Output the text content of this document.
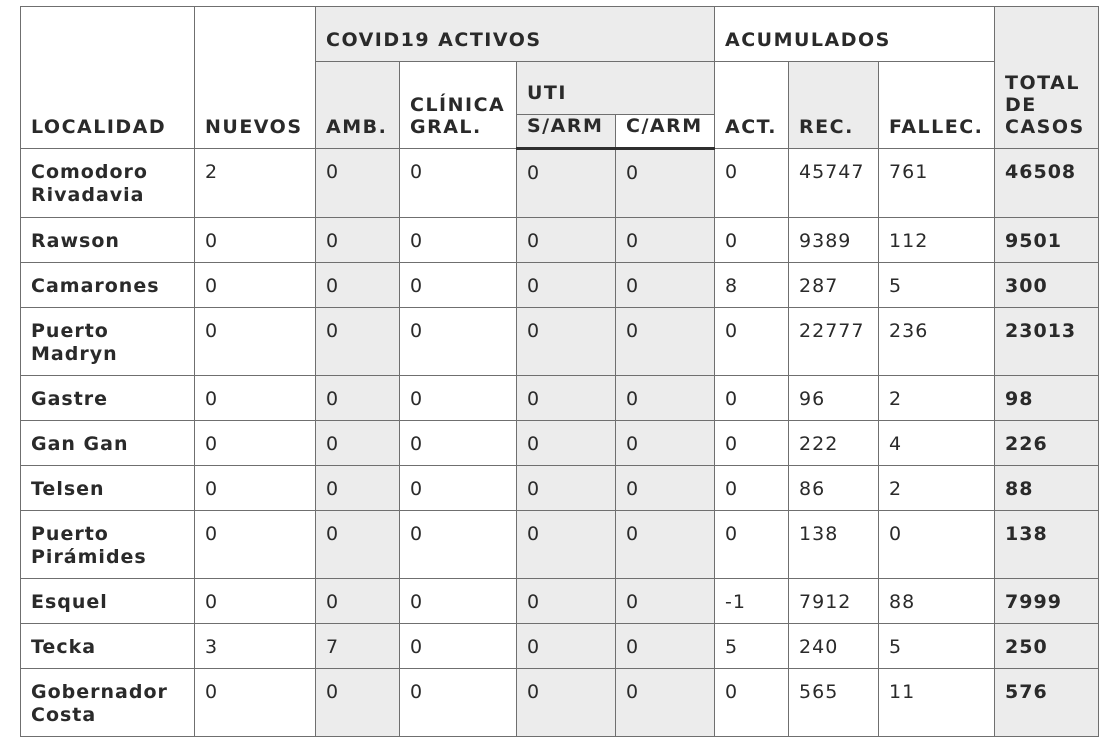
LOCALIDAD	NUEVOS	COVID19 ACTIVOS				ACUMULADOS			TOTAL DE CASOS
		AMB.	CLÍNICA GRAL.	UTI		ACT.	REC.	FALLEC.	
				S/ARM	C/ARM				
Comodoro Rivadavia	2	0	0	0	0	0	45747	761	46508
Rawson	0	0	0	0	0	0	9389	112	9501
Camarones	0	0	0	0	0	8	287	5	300
Puerto Madryn	0	0	0	0	0	0	22777	236	23013
Gastre	0	0	0	0	0	0	96	2	98
Gan Gan	0	0	0	0	0	0	222	4	226
Telsen	0	0	0	0	0	0	86	2	88
Puerto Pirámides	0	0	0	0	0	0	138	0	138
Esquel	0	0	0	0	0	-1	7912	88	7999
Tecka	3	7	0	0	0	5	240	5	250
Gobernador Costa	0	0	0	0	0	0	565	11	576
